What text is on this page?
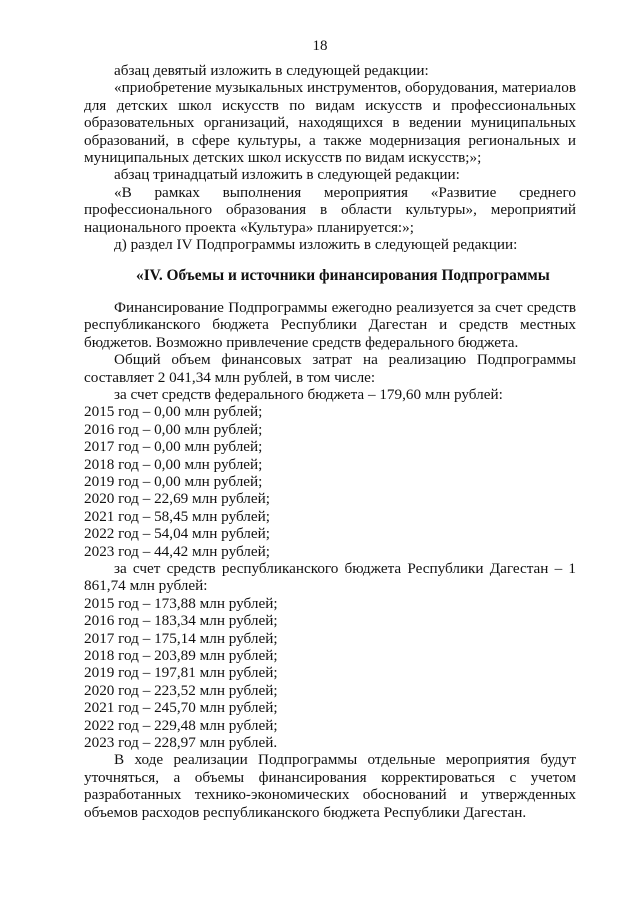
18

абзац девятый изложить в следующей редакции:

«приобретение музыкальных инструментов, оборудования, материалов для детских школ искусств по видам искусств и профессиональных образовательных организаций, находящихся в ведении муниципальных образований, в сфере культуры, а также модернизация региональных и муниципальных детских школ искусств по видам искусств;»;

абзац тринадцатый изложить в следующей редакции:

«В рамках выполнения мероприятия «Развитие среднего профессионального образования в области культуры», мероприятий национального проекта «Культура» планируется:»;

д) раздел IV Подпрограммы изложить в следующей редакции:

«IV. Объемы и источники финансирования Подпрограммы

Финансирование Подпрограммы ежегодно реализуется за счет средств республиканского бюджета Республики Дагестан и средств местных бюджетов. Возможно привлечение средств федерального бюджета.

Общий объем финансовых затрат на реализацию Подпрограммы составляет 2 041,34 млн рублей, в том числе:

за счет средств федерального бюджета – 179,60 млн рублей:

2015 год – 0,00 млн рублей;

2016 год – 0,00 млн рублей;

2017 год – 0,00 млн рублей;

2018 год – 0,00 млн рублей;

2019 год – 0,00 млн рублей;

2020 год – 22,69 млн рублей;

2021 год – 58,45 млн рублей;

2022 год – 54,04 млн рублей;

2023 год – 44,42 млн рублей;

за счет средств республиканского бюджета Республики Дагестан – 1 861,74 млн рублей:

2015 год – 173,88 млн рублей;

2016 год – 183,34 млн рублей;

2017 год – 175,14 млн рублей;

2018 год – 203,89 млн рублей;

2019 год – 197,81 млн рублей;

2020 год – 223,52 млн рублей;

2021 год – 245,70 млн рублей;

2022 год – 229,48 млн рублей;

2023 год – 228,97 млн рублей.

В ходе реализации Подпрограммы отдельные мероприятия будут уточняться, а объемы финансирования корректироваться с учетом разработанных технико-экономических обоснований и утвержденных объемов расходов республиканского бюджета Республики Дагестан.
